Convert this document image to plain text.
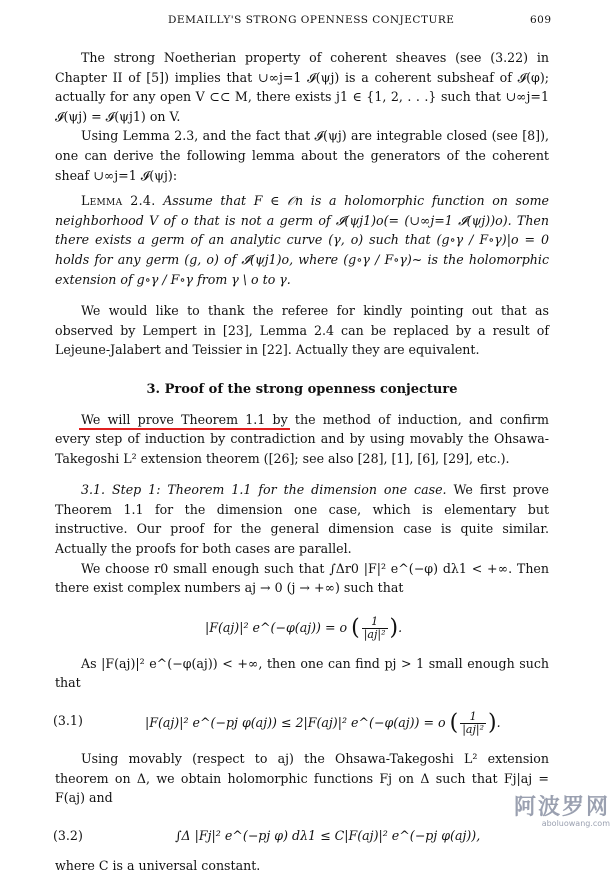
DEMAILLY'S STRONG OPENNESS CONJECTURE	609

The strong Noetherian property of coherent sheaves (see (3.22) in Chapter II of [5]) implies that ∪∞j=1 𝓘(ψj) is a coherent subsheaf of 𝓘(φ); actually for any open V ⊂⊂ M, there exists j1 ∈ {1, 2, . . .} such that ∪∞j=1 𝓘(ψj) = 𝓘(ψj1) on V.

Using Lemma 2.3, and the fact that 𝓘(ψj) are integrable closed (see [8]), one can derive the following lemma about the generators of the coherent sheaf ∪∞j=1 𝓘(ψj):

Lemma 2.4. Assume that F ∈ 𝒪n is a holomorphic function on some neighborhood V of o that is not a germ of 𝓘(ψj1)o(= (∪∞j=1 𝓘(ψj))o). Then there exists a germ of an analytic curve (γ, o) such that (g∘γ / F∘γ)|o = 0 holds for any germ (g, o) of 𝓘(ψj1)o, where (g∘γ / F∘γ)~ is the holomorphic extension of g∘γ / F∘γ from γ \ o to γ.

We would like to thank the referee for kindly pointing out that as observed by Lempert in [23], Lemma 2.4 can be replaced by a result of Lejeune-Jalabert and Teissier in [22]. Actually they are equivalent.

3. Proof of the strong openness conjecture

We will prove Theorem 1.1 by
the method of induction, and confirm every step of induction by contradiction and by using movably the Ohsawa-Takegoshi L² extension theorem ([26]; see also [28], [1], [6], [29], etc.).

3.1. Step 1: Theorem 1.1 for the dimension one case. We first prove Theorem 1.1 for the dimension one case, which is elementary but instructive. Our proof for the general dimension case is quite similar. Actually the proofs for both cases are parallel.

We choose r0 small enough such that ∫Δr0 |F|² e^(−φ) dλ1 < +∞. Then there exist complex numbers aj → 0 (j → +∞) such that

|F(aj)|² e^(−φ(aj)) = o ( $\frac{1}{\text{|aj|²}}$ ).

As |F(aj)|² e^(−φ(aj)) < +∞, then one can find pj > 1 small enough such that

(3.1)	|F(aj)|² e^(−pj φ(aj)) ≤ 2|F(aj)|² e^(−φ(aj)) = o ( $\frac{1}{\text{|aj|²}}$ ).

Using movably (respect to aj) the Ohsawa-Takegoshi L² extension theorem on Δ, we obtain holomorphic functions Fj on Δ such that Fj|aj = F(aj) and

(3.2)	∫Δ |Fj|² e^(−pj φ) dλ1 ≤ C|F(aj)|² e^(−pj φ(aj)),

where C is a universal constant.

阿波罗网
aboluowang.com
